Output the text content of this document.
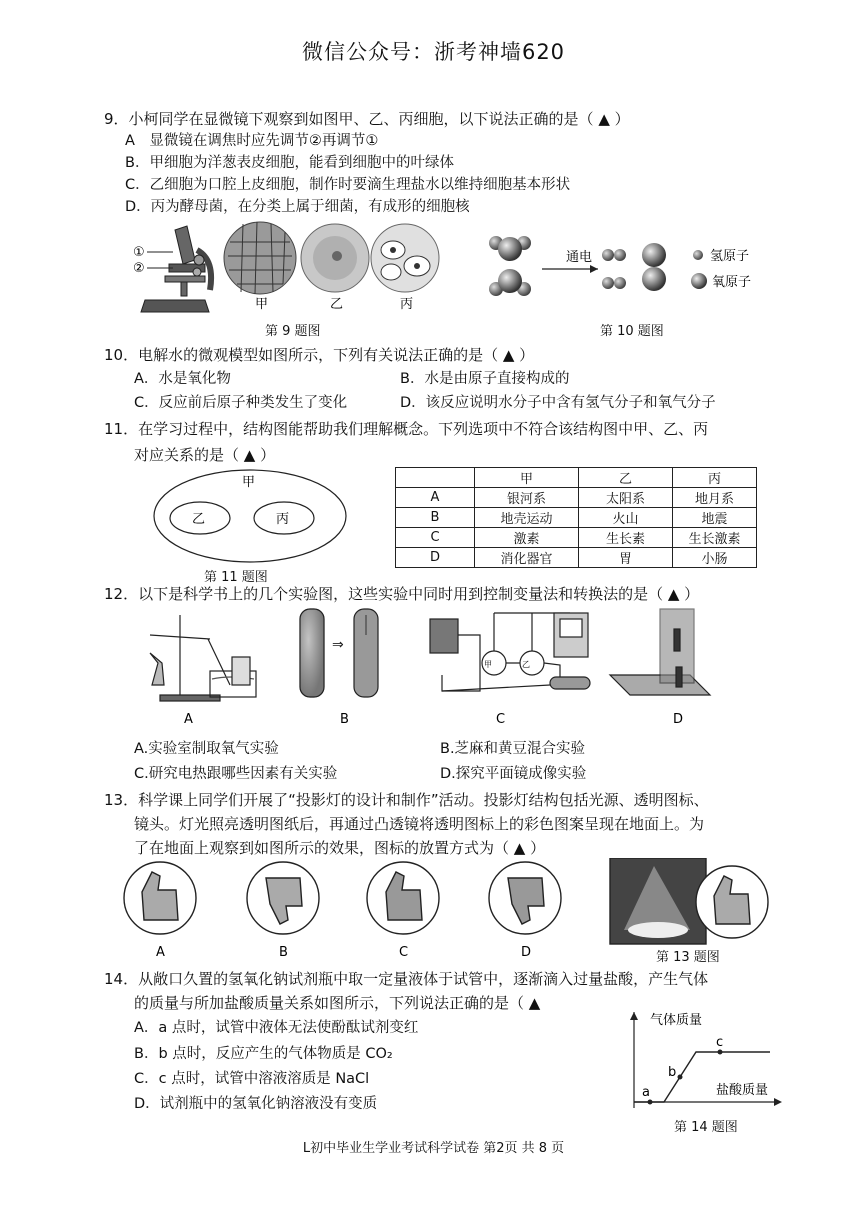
微信公众号：浙考神墙620
9．小柯同学在显微镜下观察到如图甲、乙、丙细胞，以下说法正确的是（ ▲ ）
A　显微镜在调焦时应先调节②再调节①
B．甲细胞为洋葱表皮细胞，能看到细胞中的叶绿体
C．乙细胞为口腔上皮细胞，制作时要滴生理盐水以维持细胞基本形状
D．丙为酵母菌，在分类上属于细菌，有成形的细胞核
①
②
甲	乙	丙
第 9 题图
通电	氢原子
氧原子
第 10 题图
10．电解水的微观模型如图所示，下列有关说法正确的是（ ▲ ）
A．水是氧化物	B．水是由原子直接构成的
C．反应前后原子种类发生了变化	D．该反应说明水分子中含有氢气分子和氧气分子
11．在学习过程中，结构图能帮助我们理解概念。下列选项中不符合该结构图中甲、乙、丙
对应关系的是（ ▲ ）
甲
乙	丙
第 11 题图
	甲	乙	丙
A	银河系	太阳系	地月系
B	地壳运动	火山	地震
C	激素	生长素	生长激素
D	消化器官	胃	小肠
12．以下是科学书上的几个实验图，这些实验中同时用到控制变量法和转换法的是（ ▲ ）
A
⇒
B
甲	乙
C	D
A.实验室制取氧气实验	B.芝麻和黄豆混合实验
C.研究电热跟哪些因素有关实验	D.探究平面镜成像实验
13．科学课上同学们开展了“投影灯的设计和制作”活动。投影灯结构包括光源、透明图标、
镜头。灯光照亮透明图纸后，再通过凸透镜将透明图标上的彩色图案呈现在地面上。为
了在地面上观察到如图所示的效果，图标的放置方式为（ ▲ ）
A	B	C	D	第 13 题图
14．从敞口久置的氢氧化钠试剂瓶中取一定量液体于试管中，逐渐滴入过量盐酸，产生气体
的质量与所加盐酸质量关系如图所示，下列说法正确的是（ ▲
A．a 点时，试管中液体无法使酚酞试剂变红
B．b 点时，反应产生的气体物质是 CO₂
C．c 点时，试管中溶液溶质是 NaCl
D．试剂瓶中的氢氧化钠溶液没有变质
气体质量
盐酸质量
a
b
c
第 14 题图
L初中毕业生学业考试科学试卷 第2页 共 8 页
